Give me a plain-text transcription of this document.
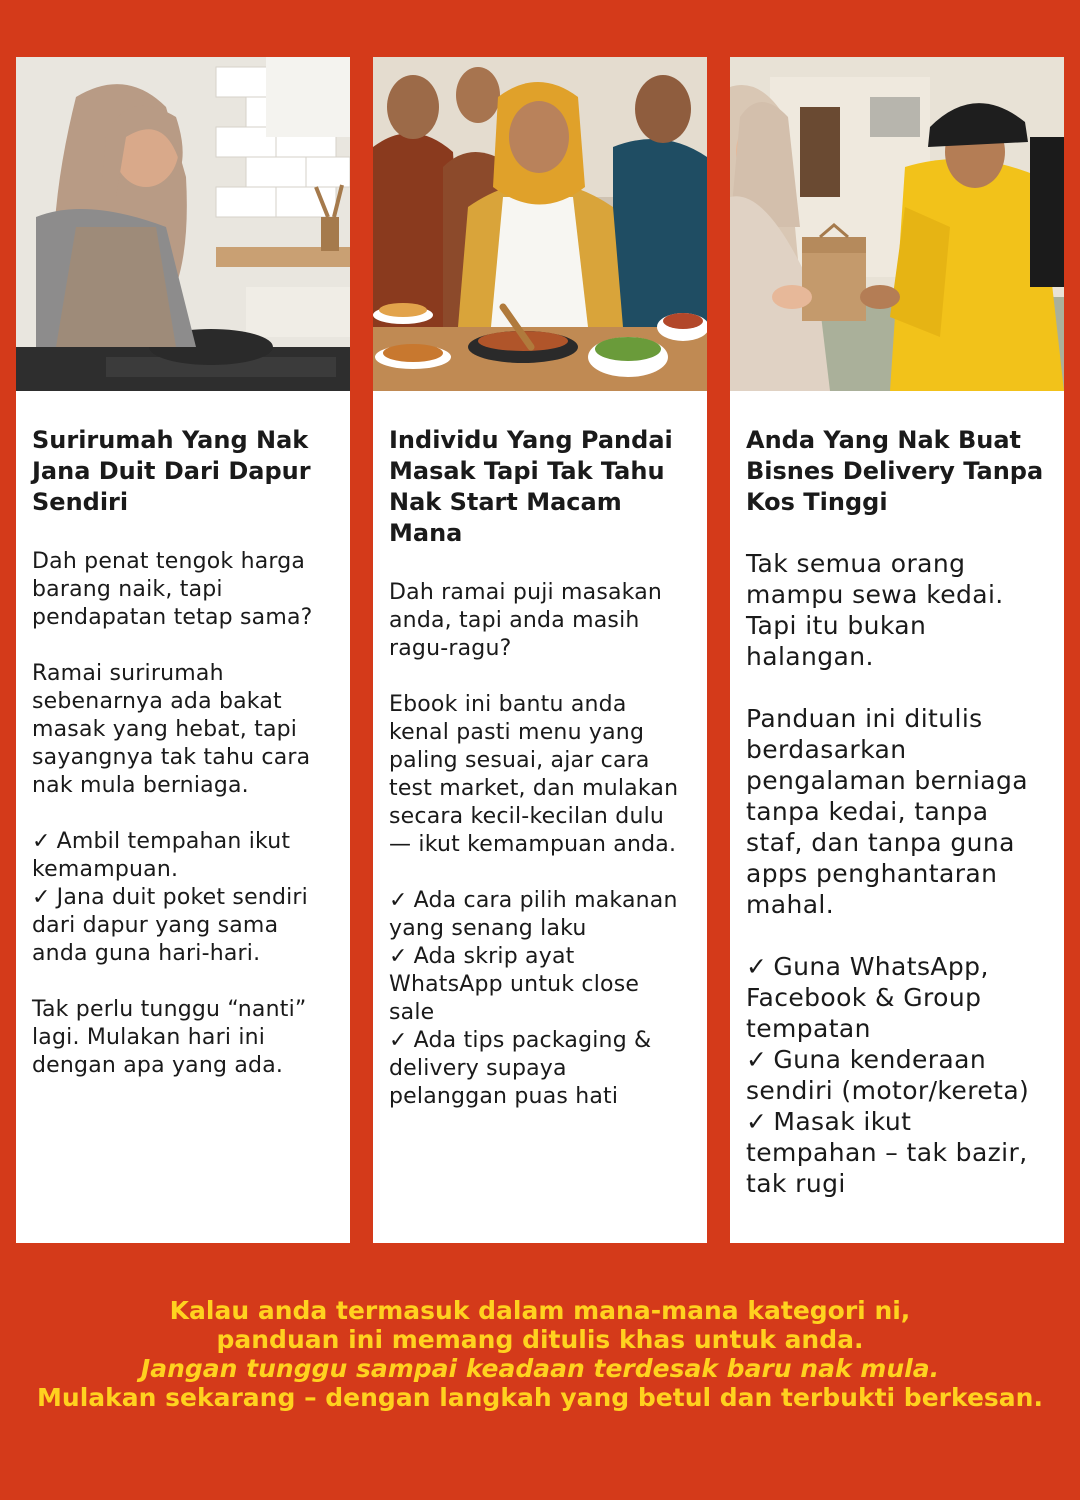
Surirumah Yang Nak Jana Duit Dari Dapur Sendiri
Dah penat tengok harga barang naik, tapi pendapatan tetap sama?
Ramai surirumah sebenarnya ada bakat masak yang hebat, tapi sayangnya tak tahu cara nak mula berniaga.
✓ Ambil tempahan ikut kemampuan.
✓ Jana duit poket sendiri dari dapur yang sama anda guna hari-hari.
Tak perlu tunggu “nanti” lagi. Mulakan hari ini dengan apa yang ada.
Individu Yang Pandai Masak Tapi Tak Tahu Nak Start Macam Mana
Dah ramai puji masakan anda, tapi anda masih ragu-ragu?
Ebook ini bantu anda kenal pasti menu yang paling sesuai, ajar cara test market, dan mulakan secara kecil-kecilan dulu — ikut kemampuan anda.
✓ Ada cara pilih makanan yang senang laku
✓ Ada skrip ayat WhatsApp untuk close sale
✓ Ada tips packaging & delivery supaya pelanggan puas hati
Anda Yang Nak Buat Bisnes Delivery Tanpa Kos Tinggi
Tak semua orang mampu sewa kedai. Tapi itu bukan halangan.
Panduan ini ditulis berdasarkan pengalaman berniaga tanpa kedai, tanpa staf, dan tanpa guna apps penghantaran mahal.
✓ Guna WhatsApp, Facebook & Group tempatan
✓ Guna kenderaan sendiri (motor/kereta)
✓ Masak ikut tempahan – tak bazir, tak rugi
Kalau anda termasuk dalam mana-mana kategori ni,
panduan ini memang ditulis khas untuk anda.
Jangan tunggu sampai keadaan terdesak baru nak mula.
Mulakan sekarang – dengan langkah yang betul dan terbukti berkesan.
